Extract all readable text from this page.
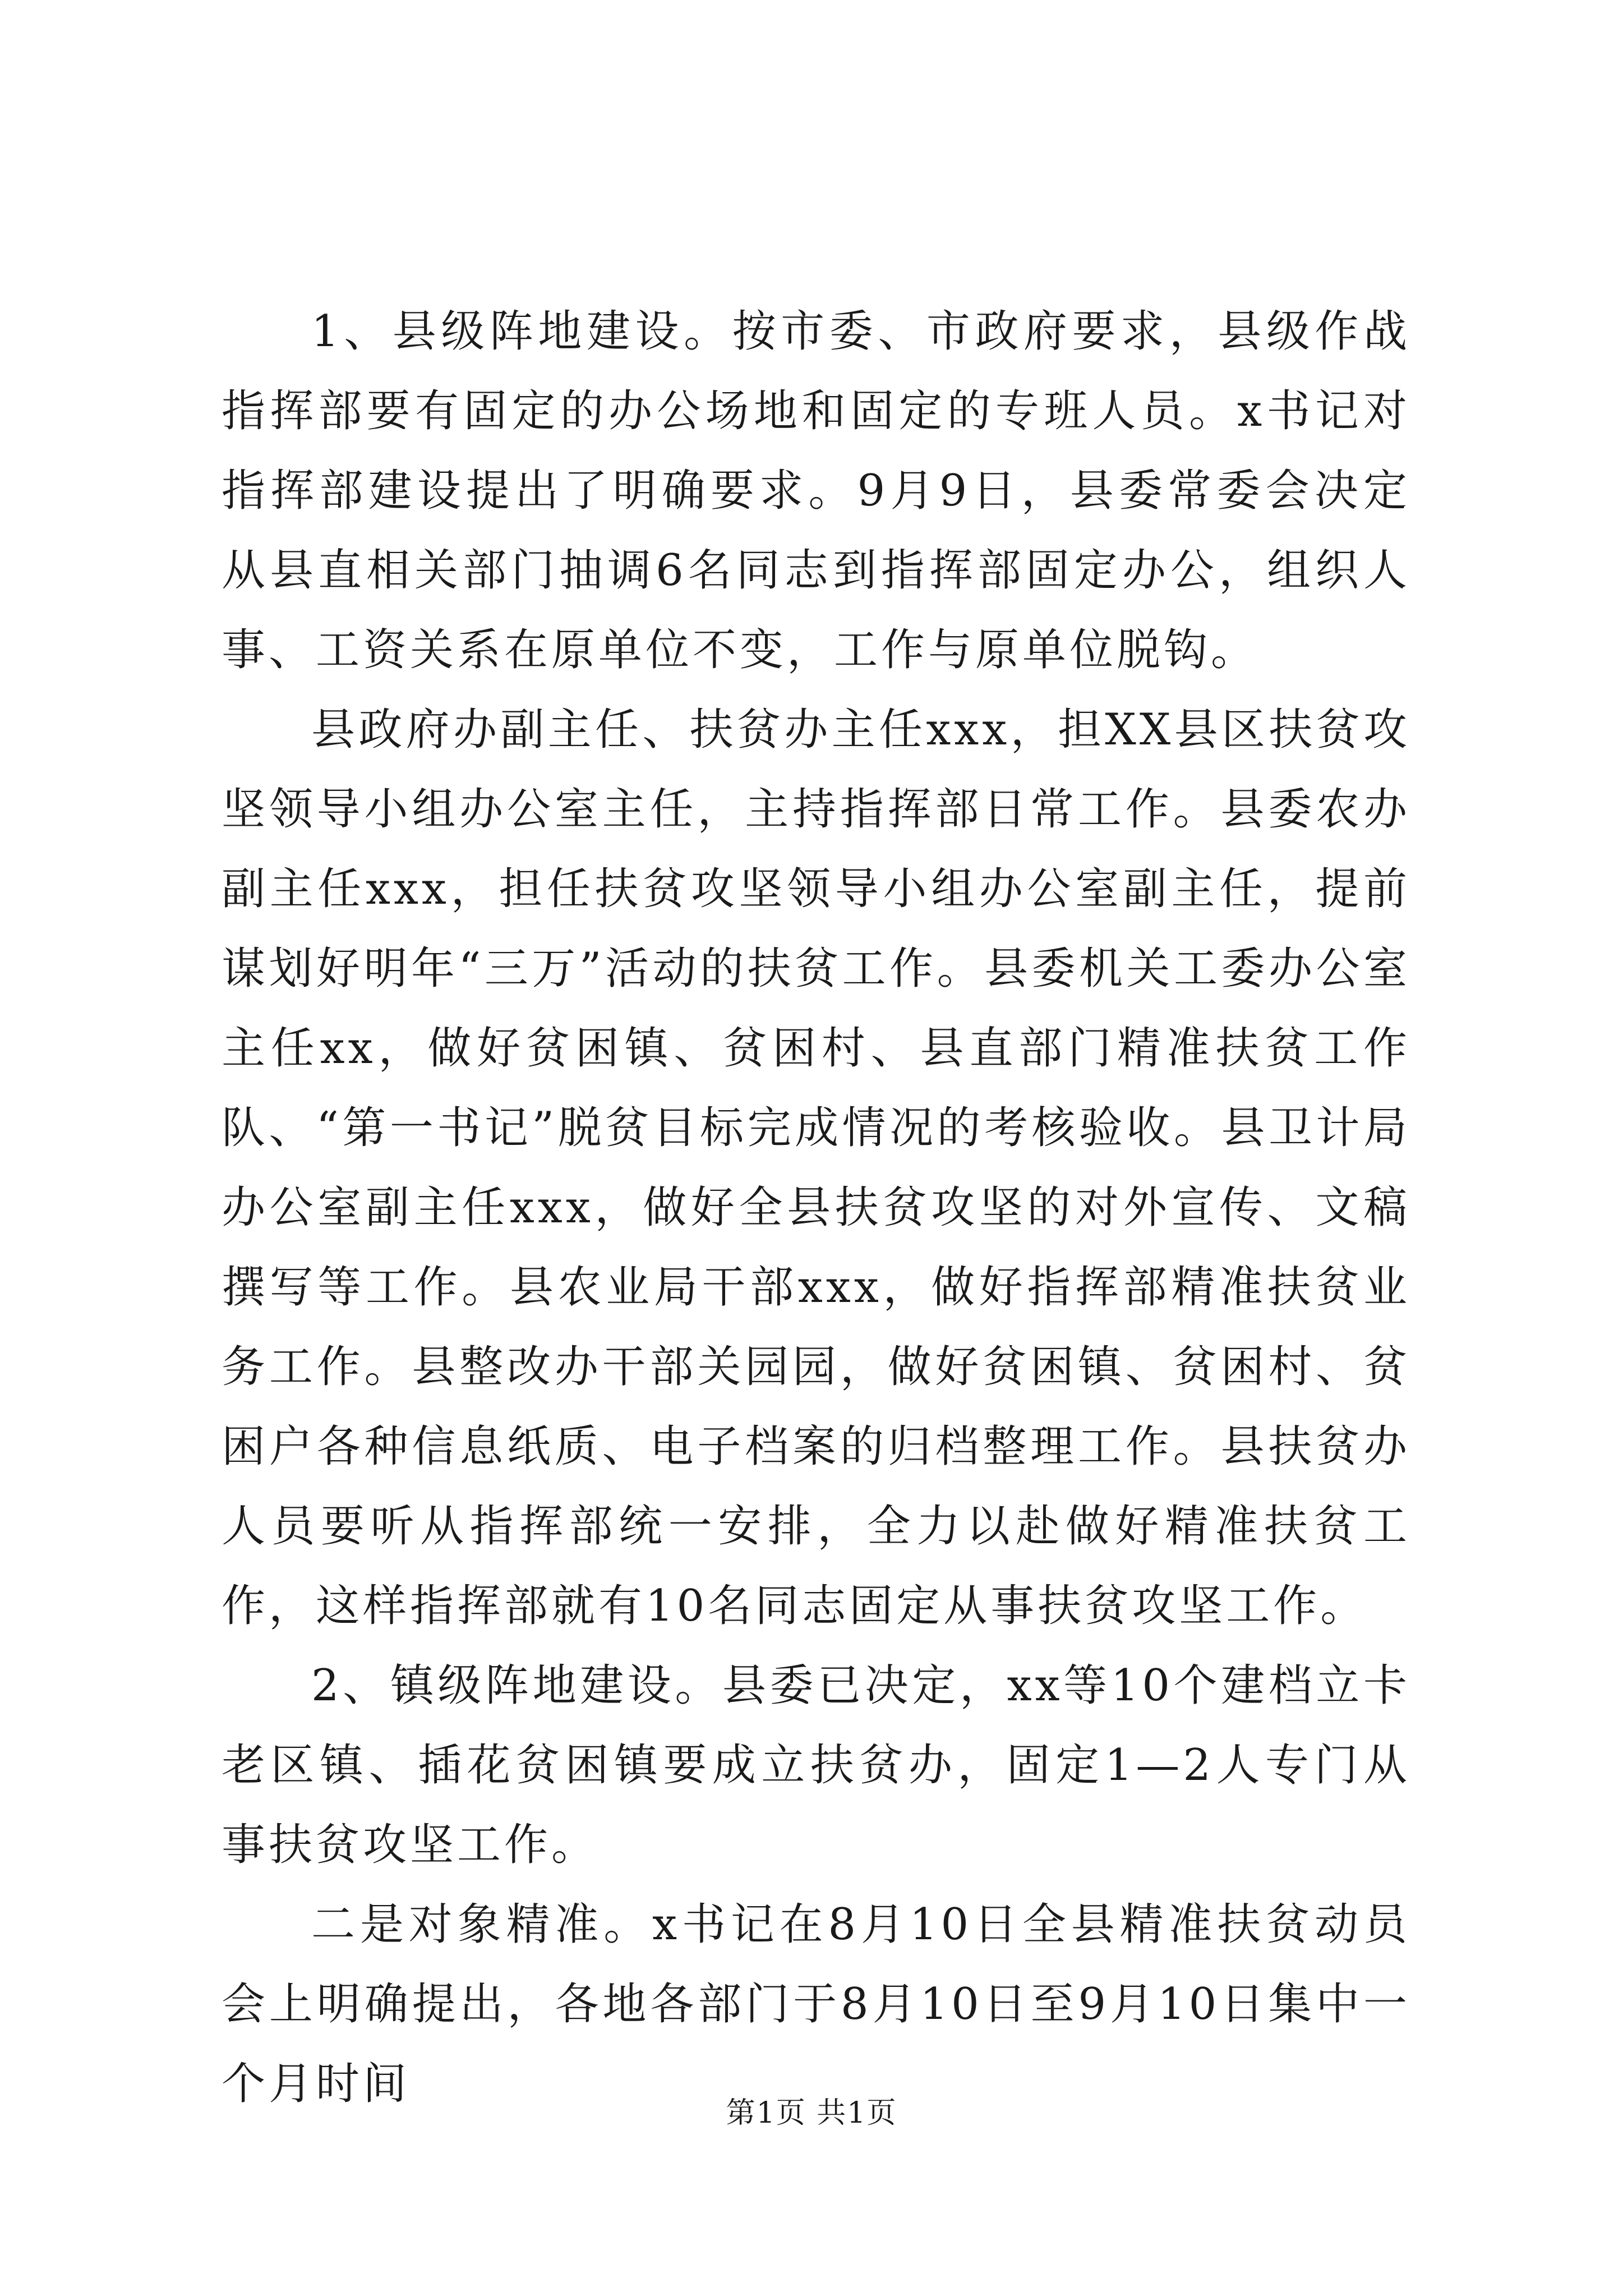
1、县级阵地建设。按市委、市政府要求，县级作战指挥部要有固定的办公场地和固定的专班人员。x书记对指挥部建设提出了明确要求。9月9日，县委常委会决定从县直相关部门抽调6名同志到指挥部固定办公，组织人事、工资关系在原单位不变，工作与原单位脱钩。

县政府办副主任、扶贫办主任xxx，担XX县区扶贫攻坚领导小组办公室主任，主持指挥部日常工作。县委农办副主任xxx，担任扶贫攻坚领导小组办公室副主任，提前谋划好明年“三万”活动的扶贫工作。县委机关工委办公室主任xx，做好贫困镇、贫困村、县直部门精准扶贫工作队、“第一书记”脱贫目标完成情况的考核验收。县卫计局办公室副主任xxx，做好全县扶贫攻坚的对外宣传、文稿撰写等工作。县农业局干部xxx，做好指挥部精准扶贫业务工作。县整改办干部关园园，做好贫困镇、贫困村、贫困户各种信息纸质、电子档案的归档整理工作。县扶贫办人员要听从指挥部统一安排，全力以赴做好精准扶贫工作，这样指挥部就有10名同志固定从事扶贫攻坚工作。

2、镇级阵地建设。县委已决定，xx等10个建档立卡老区镇、插花贫困镇要成立扶贫办，固定1—2人专门从事扶贫攻坚工作。

二是对象精准。x书记在8月10日全县精准扶贫动员会上明确提出，各地各部门于8月10日至9月10日集中一个月时间

第1页 共1页
